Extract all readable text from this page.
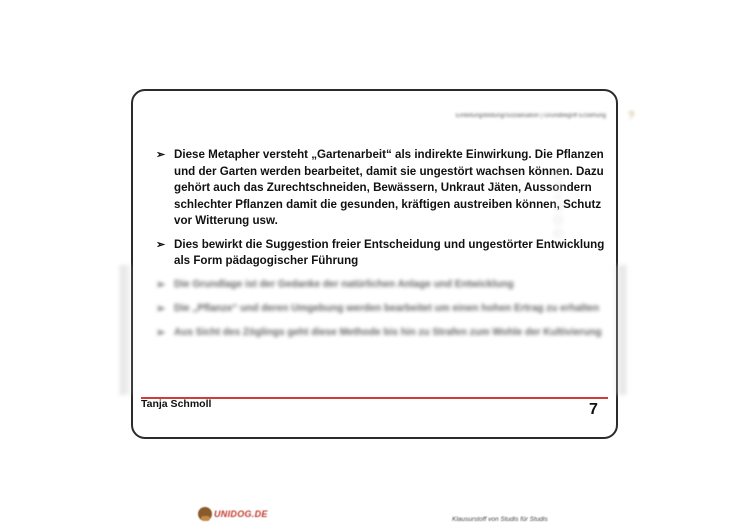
Einleitung/Bildung/Sozialisation | Grundbegriff Erziehung ?
➢ Diese Metapher versteht „Gartenarbeit“ als indirekte Einwirkung. Die Pflanzen und der Garten werden bearbeitet, damit sie ungestört wachsen können. Dazu gehört auch das Zurechtschneiden, Bewässern, Unkraut Jäten, Aussondern schlechter Pflanzen damit die gesunden, kräftigen austreiben können, Schutz vor Witterung usw.
➢ Dies bewirkt die Suggestion freier Entscheidung und ungestörter Entwicklung als Form pädagogischer Führung
➢ Die Grundlage ist der Gedanke der natürlichen Anlage und Entwicklung
➢ Die „Pflanze“ und deren Umgebung werden bearbeitet um einen hohen Ertrag zu erhalten
➢ Aus Sicht des Zöglings geht diese Methode bis hin zu Strafen zum Wohle der Kultivierung
UNIDOG
Tanja Schmoll	7
UNIDOG.DE
Klausurstoff von Studis für Studis
